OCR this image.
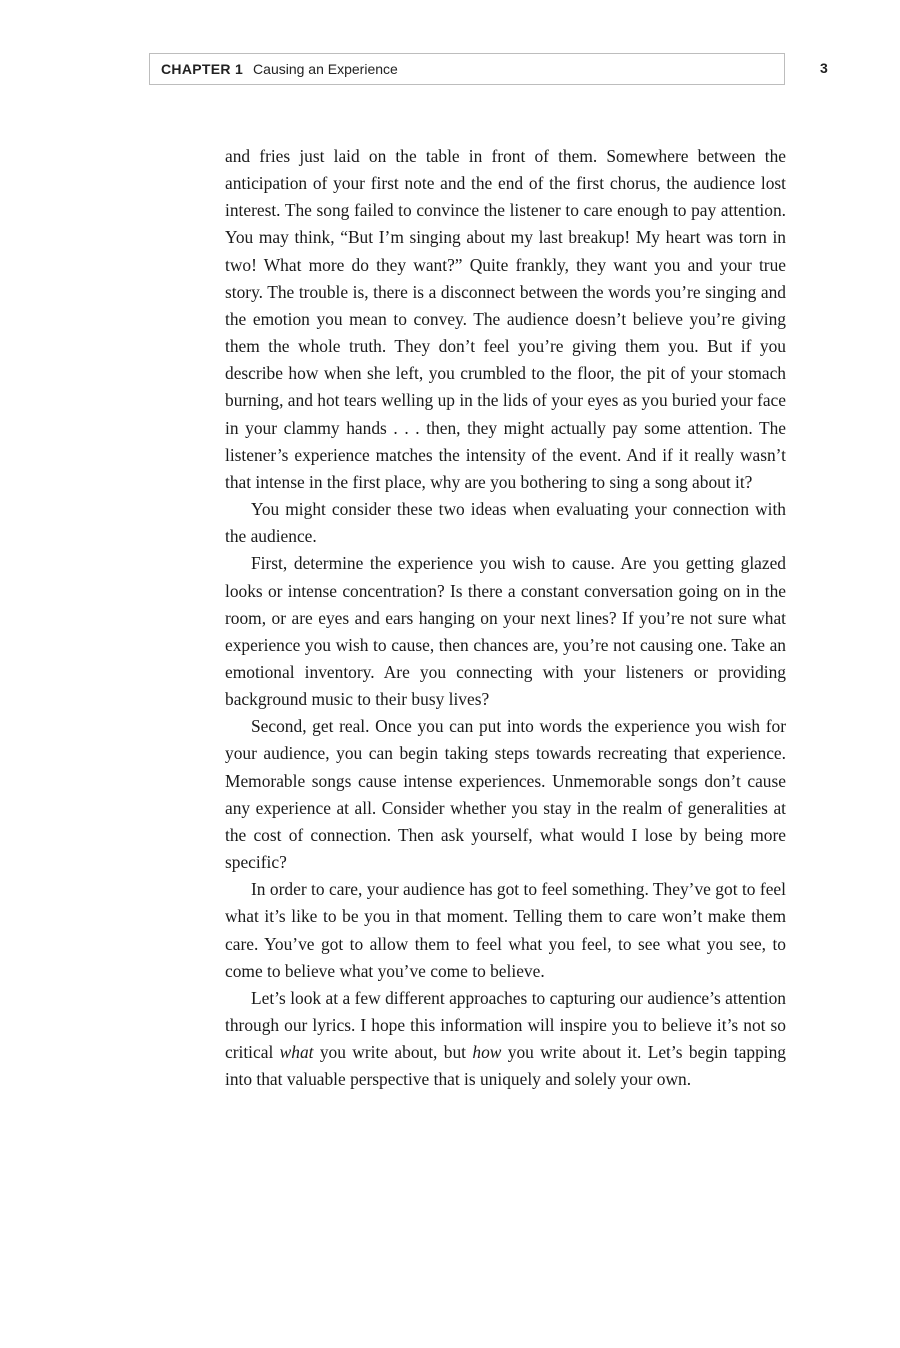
CHAPTER 1 Causing an Experience	3

and fries just laid on the table in front of them. Somewhere between the anticipation of your first note and the end of the first chorus, the audience lost interest. The song failed to convince the listener to care enough to pay attention. You may think, “But I’m singing about my last breakup! My heart was torn in two! What more do they want?” Quite frankly, they want you and your true story. The trouble is, there is a disconnect between the words you’re singing and the emotion you mean to convey. The audience doesn’t believe you’re giving them the whole truth. They don’t feel you’re giving them you. But if you describe how when she left, you crumbled to the floor, the pit of your stomach burning, and hot tears welling up in the lids of your eyes as you buried your face in your clammy hands . . . then, they might actually pay some attention. The listener’s experience matches the intensity of the event. And if it really wasn’t that intense in the first place, why are you bothering to sing a song about it?

You might consider these two ideas when evaluating your connection with the audience.

First, determine the experience you wish to cause. Are you getting glazed looks or intense concentration? Is there a constant conversation going on in the room, or are eyes and ears hanging on your next lines? If you’re not sure what experience you wish to cause, then chances are, you’re not causing one. Take an emotional inventory. Are you connecting with your listeners or providing background music to their busy lives?

Second, get real. Once you can put into words the experience you wish for your audience, you can begin taking steps towards recreating that experience. Memorable songs cause intense experiences. Unmemorable songs don’t cause any experience at all. Consider whether you stay in the realm of generalities at the cost of connection. Then ask yourself, what would I lose by being more specific?

In order to care, your audience has got to feel something. They’ve got to feel what it’s like to be you in that moment. Telling them to care won’t make them care. You’ve got to allow them to feel what you feel, to see what you see, to come to believe what you’ve come to believe.

Let’s look at a few different approaches to capturing our audience’s attention through our lyrics. I hope this information will inspire you to believe it’s not so critical what you write about, but how you write about it. Let’s begin tapping into that valuable perspective that is uniquely and solely your own.
